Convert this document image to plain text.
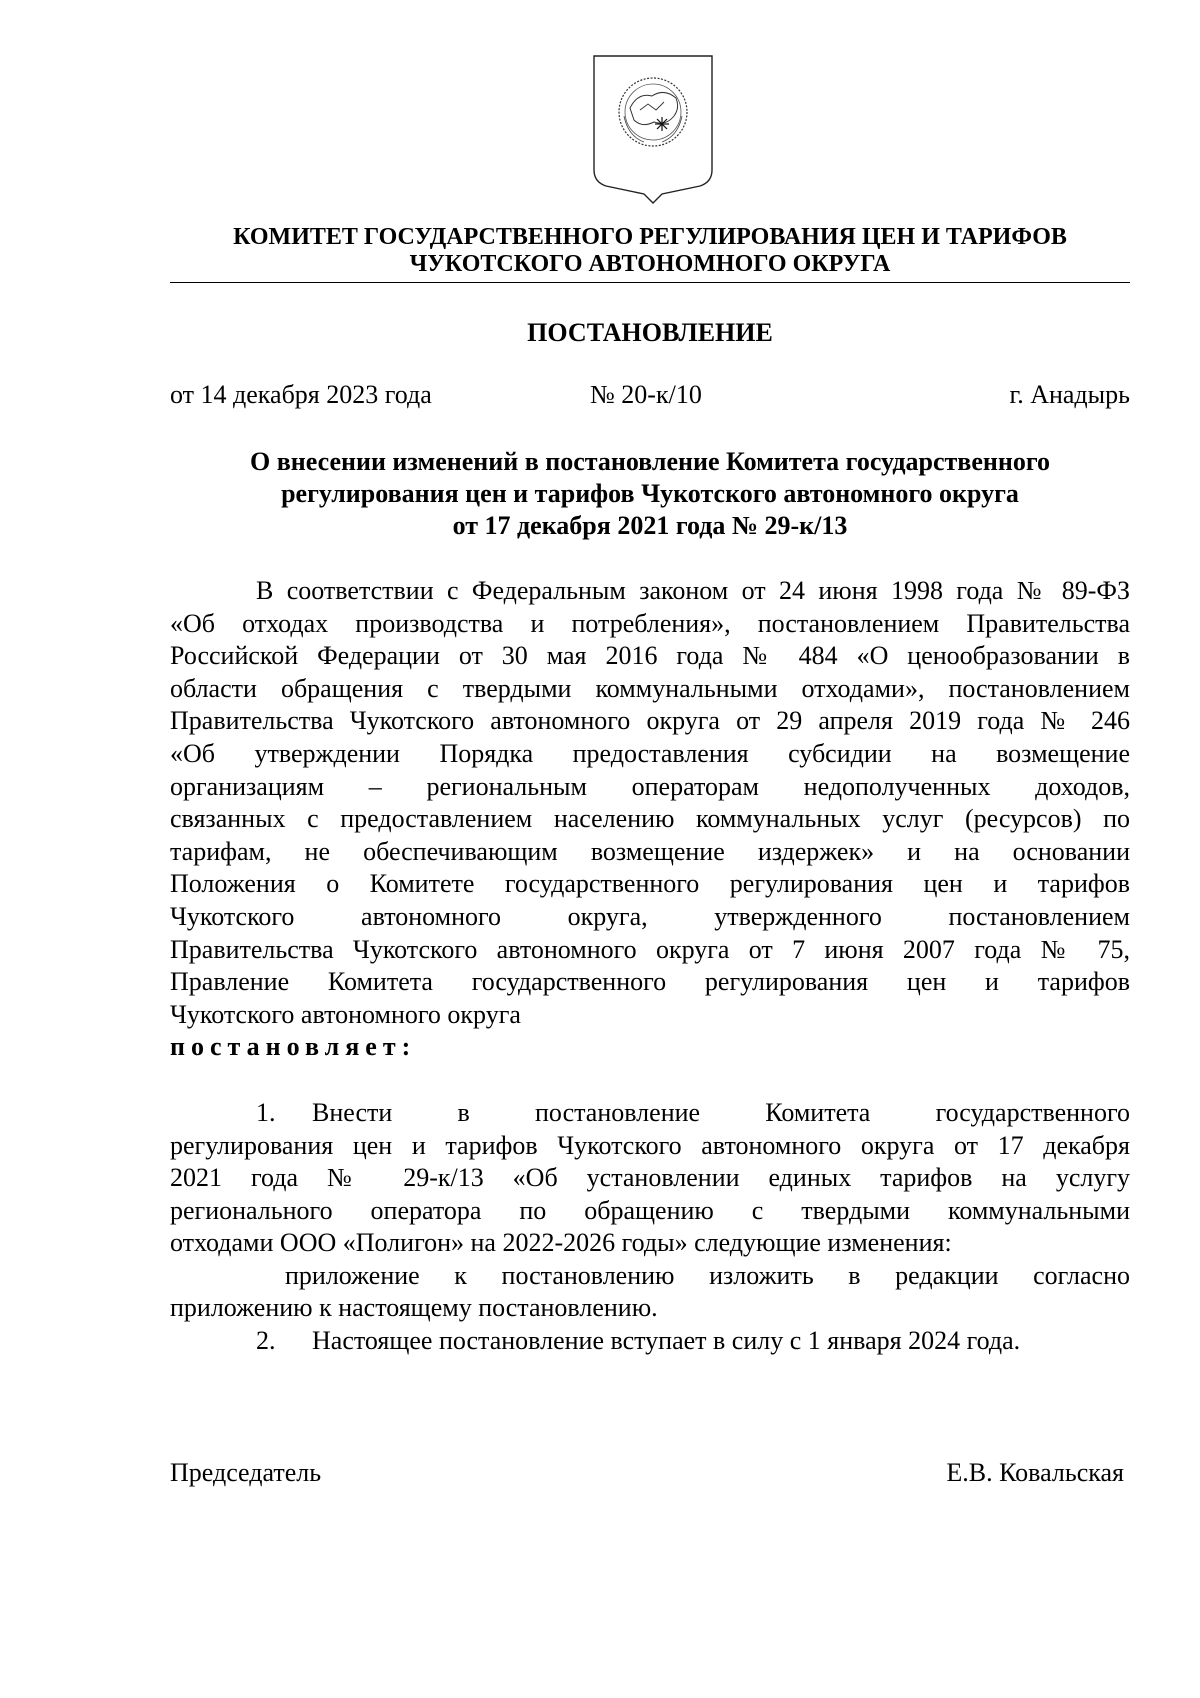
КОМИТЕТ ГОСУДАРСТВЕННОГО РЕГУЛИРОВАНИЯ ЦЕН И ТАРИФОВ
ЧУКОТСКОГО АВТОНОМНОГО ОКРУГА
ПОСТАНОВЛЕНИЕ
от 14 декабря 2023 года	№ 20-к/10	г. Анадырь
О внесении изменений в постановление Комитета государственного
регулирования цен и тарифов Чукотского автономного округа
от 17 декабря 2021 года № 29-к/13

В соответствии с Федеральным законом от 24 июня 1998 года № 89-ФЗ
«Об отходах производства и потребления», постановлением Правительства
Российской Федерации от 30 мая 2016 года № 484 «О ценообразовании в
области обращения с твердыми коммунальными отходами», постановлением
Правительства Чукотского автономного округа от 29 апреля 2019 года № 246
«Об утверждении Порядка предоставления субсидии на возмещение
организациям – региональным операторам недополученных доходов,
связанных с предоставлением населению коммунальных услуг (ресурсов) по
тарифам, не обеспечивающим возмещение издержек» и на основании
Положения о Комитете государственного регулирования цен и тарифов
Чукотского автономного округа, утвержденного постановлением
Правительства Чукотского автономного округа от 7 июня 2007 года № 75,
Правление Комитета государственного регулирования цен и тарифов
Чукотского автономного округа

постановляет:
1. Внести в постановление Комитета государственного
регулирования цен и тарифов Чукотского автономного округа от 17 декабря
2021 года № 29-к/13 «Об установлении единых тарифов на услугу
регионального оператора по обращению с твердыми коммунальными
отходами ООО «Полигон» на 2022-2026 годы» следующие изменения:
приложение к постановлению изложить в редакции согласно
приложению к настоящему постановлению.
2. Настоящее постановление вступает в силу с 1 января 2024 года.
Председатель	Е.В. Ковальская
